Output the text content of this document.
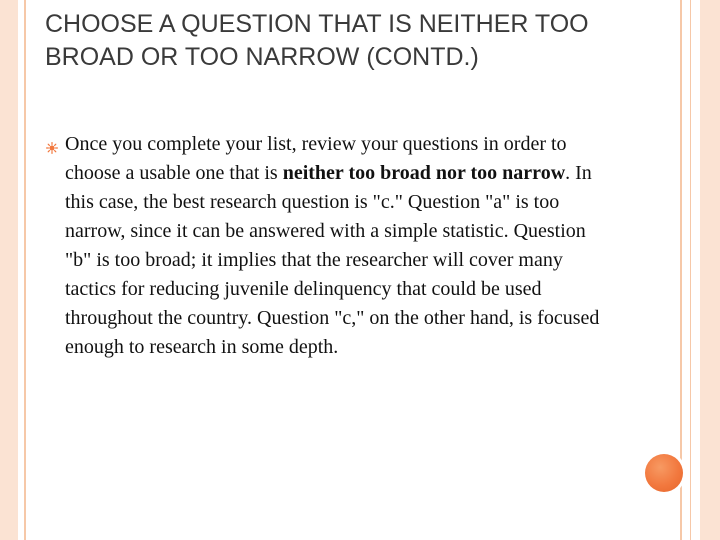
CHOOSE A QUESTION THAT IS NEITHER TOO BROAD OR TOO NARROW (CONTD.)

Once you complete your list, review your questions in order to choose a usable one that is neither too broad nor too narrow. In this case, the best research question is "c." Question "a" is too narrow, since it can be answered with a simple statistic. Question "b" is too broad; it implies that the researcher will cover many tactics for reducing juvenile delinquency that could be used throughout the country. Question "c," on the other hand, is focused enough to research in some depth.
